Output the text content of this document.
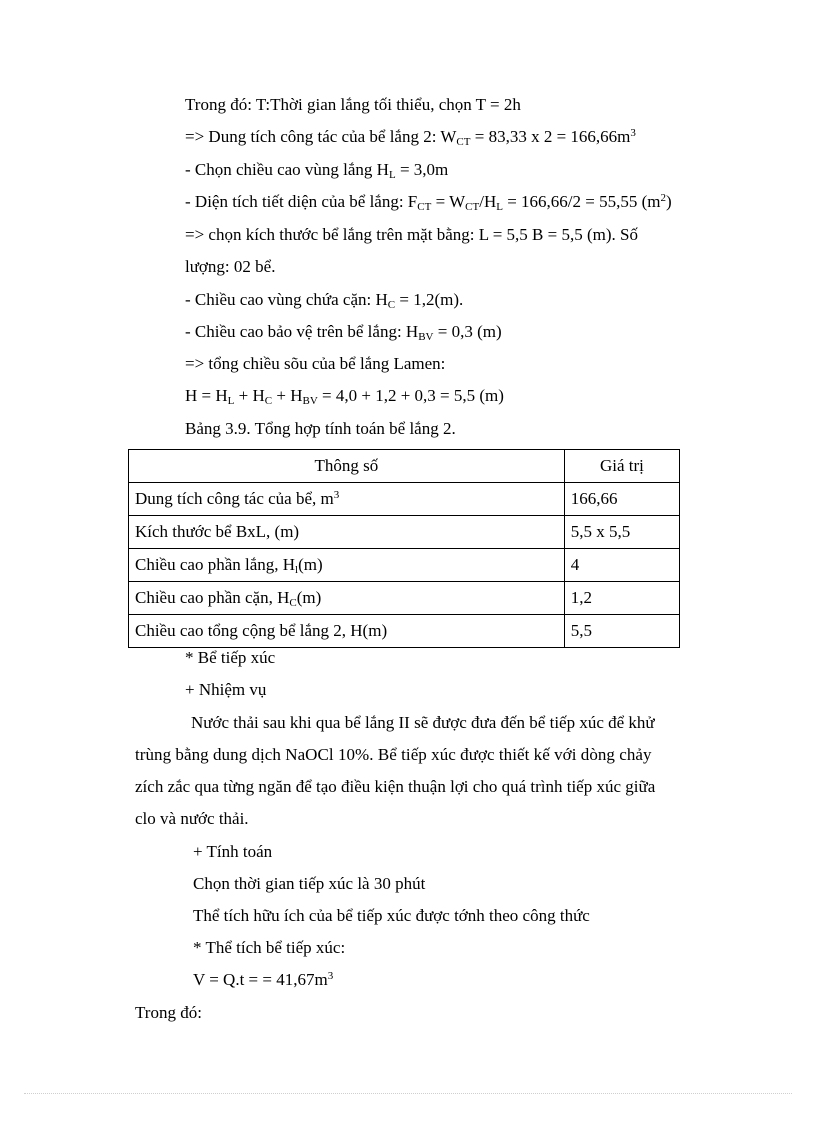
Trong đó: T:Thời gian lắng tối thiểu, chọn T = 2h
=> Dung tích công tác của bể lắng 2: $W_{CT} = 83,33$ x $2 = 166,66m^3$
- Chọn chiều cao vùng lắng $H_L = 3,0m$
- Diện tích tiết diện của bể lắng: $F_{CT} = W_{CT}/H_L = 166,66/2 = 55,55$ $(m^2)$
=> chọn kích thước bể lắng trên mặt bằng: L = 5,5 B = 5,5 (m). Số
lượng: 02 bể.
- Chiều cao vùng chứa cặn: $H_C = 1,2(m)$.
- Chiều cao bảo vệ trên bể lắng: $H_{BV} = 0,3$ (m)
=> tổng chiều sõu của bể lắng Lamen:
$H = H_L + H_C + H_{BV} = 4,0 + 1,2 + 0,3 = 5,5$ (m)
Bảng 3.9. Tổng hợp tính toán bể lắng 2.
Thông số	Giá trị
Dung tích công tác của bể, $m^3$	166,66
Kích thước bể BxL, (m)	5,5 x 5,5
Chiều cao phần lắng, $H_l(m)$	4
Chiều cao phần cặn, $H_C(m)$	1,2
Chiều cao tổng cộng bể lắng 2, H(m)	5,5
* Bể tiếp xúc
+ Nhiệm vụ
Nước thải sau khi qua bể lắng II sẽ được đưa đến bể tiếp xúc để khử
trùng bằng dung dịch NaOCl 10%. Bể tiếp xúc được thiết kế với dòng chảy
zích zắc qua từng ngăn để tạo điều kiện thuận lợi cho quá trình tiếp xúc giữa
clo và nước thải.
+ Tính toán
Chọn thời gian tiếp xúc là 30 phút
Thể tích hữu ích của bể tiếp xúc được tớnh theo công thức
* Thể tích bể tiếp xúc:
V = Q.t = = $41,67m^3$
Trong đó:
